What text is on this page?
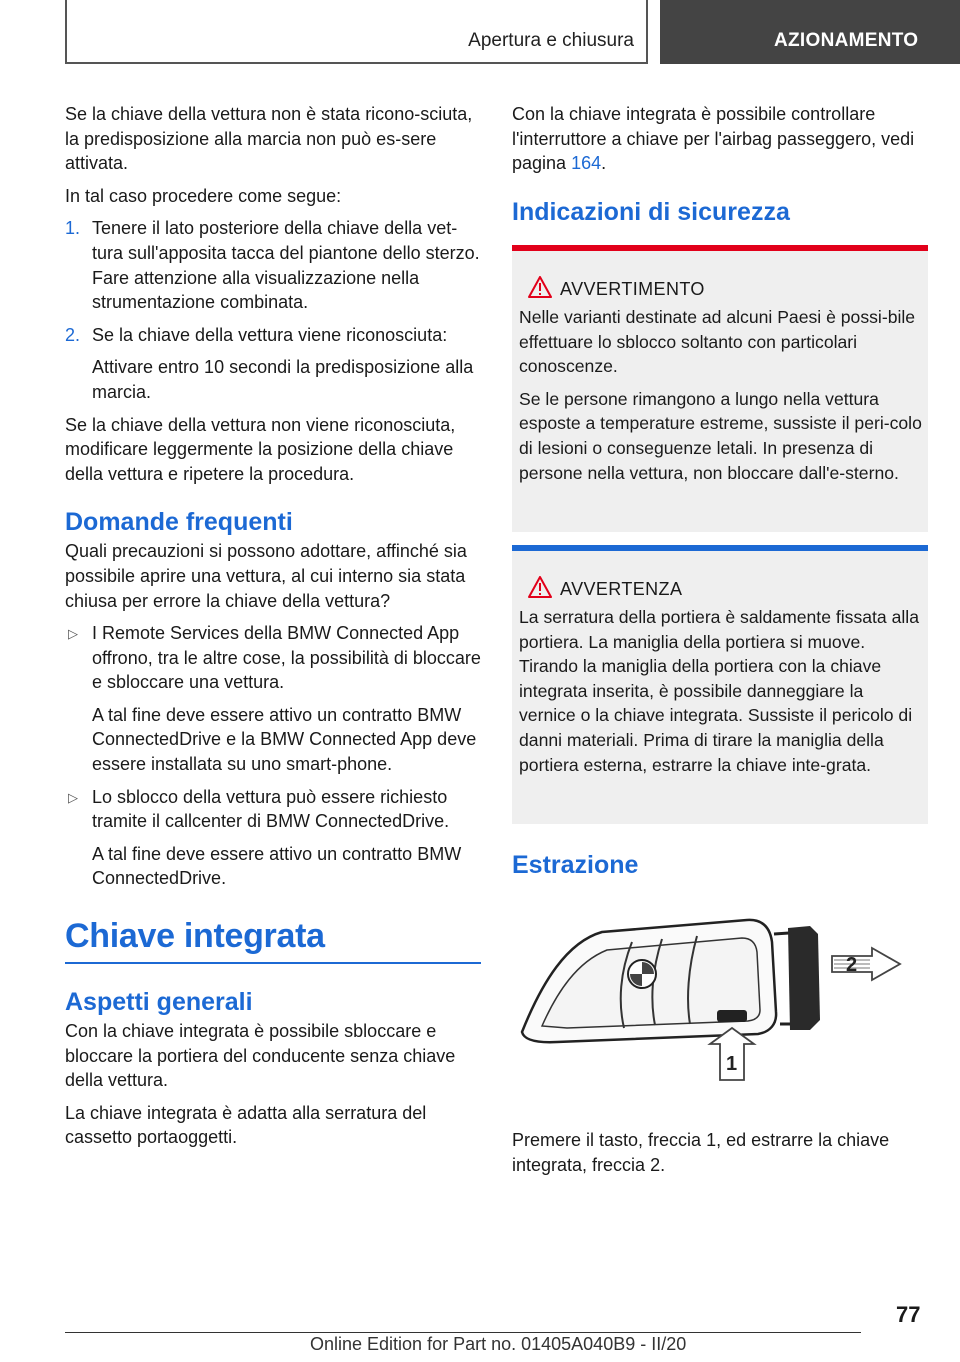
Apertura e chiusura	AZIONAMENTO

Se la chiave della vettura non è stata ricono-sciuta, la predisposizione alla marcia non può es-sere attivata.

In tal caso procedere come segue:

1. Tenere il lato posteriore della chiave della vet-tura sull'apposita tacca del piantone dello sterzo. Fare attenzione alla visualizzazione nella strumentazione combinata.

2. Se la chiave della vettura viene riconosciuta:

Attivare entro 10 secondi la predisposizione alla marcia.

Se la chiave della vettura non viene riconosciuta, modificare leggermente la posizione della chiave della vettura e ripetere la procedura.

Domande frequenti

Quali precauzioni si possono adottare, affinché sia possibile aprire una vettura, al cui interno sia stata chiusa per errore la chiave della vettura?

▷ I Remote Services della BMW Connected App offrono, tra le altre cose, la possibilità di bloccare e sbloccare una vettura.

A tal fine deve essere attivo un contratto BMW ConnectedDrive e la BMW Connected App deve essere installata su uno smart-phone.

▷ Lo sblocco della vettura può essere richiesto tramite il callcenter di BMW ConnectedDrive.

A tal fine deve essere attivo un contratto BMW ConnectedDrive.

Chiave integrata
Aspetti generali

Con la chiave integrata è possibile sbloccare e bloccare la portiera del conducente senza chiave della vettura.

La chiave integrata è adatta alla serratura del cassetto portaoggetti.

Con la chiave integrata è possibile controllare l'interruttore a chiave per l'airbag passeggero, vedi pagina 164.

Indicazioni di sicurezza
AVVERTIMENTO

Nelle varianti destinate ad alcuni Paesi è possi-bile effettuare lo sblocco soltanto con particolari conoscenze.

Se le persone rimangono a lungo nella vettura esposte a temperature estreme, sussiste il peri-colo di lesioni o conseguenze letali. In presenza di persone nella vettura, non bloccare dall'e-sterno.

AVVERTENZA

La serratura della portiera è saldamente fissata alla portiera. La maniglia della portiera si muove. Tirando la maniglia della portiera con la chiave integrata inserita, è possibile danneggiare la vernice o la chiave integrata. Sussiste il pericolo di danni materiali. Prima di tirare la maniglia della portiera esterna, estrarre la chiave inte-grata.

Estrazione
2
1

Premere il tasto, freccia 1, ed estrarre la chiave integrata, freccia 2.

77
Online Edition for Part no. 01405A040B9 - II/20
